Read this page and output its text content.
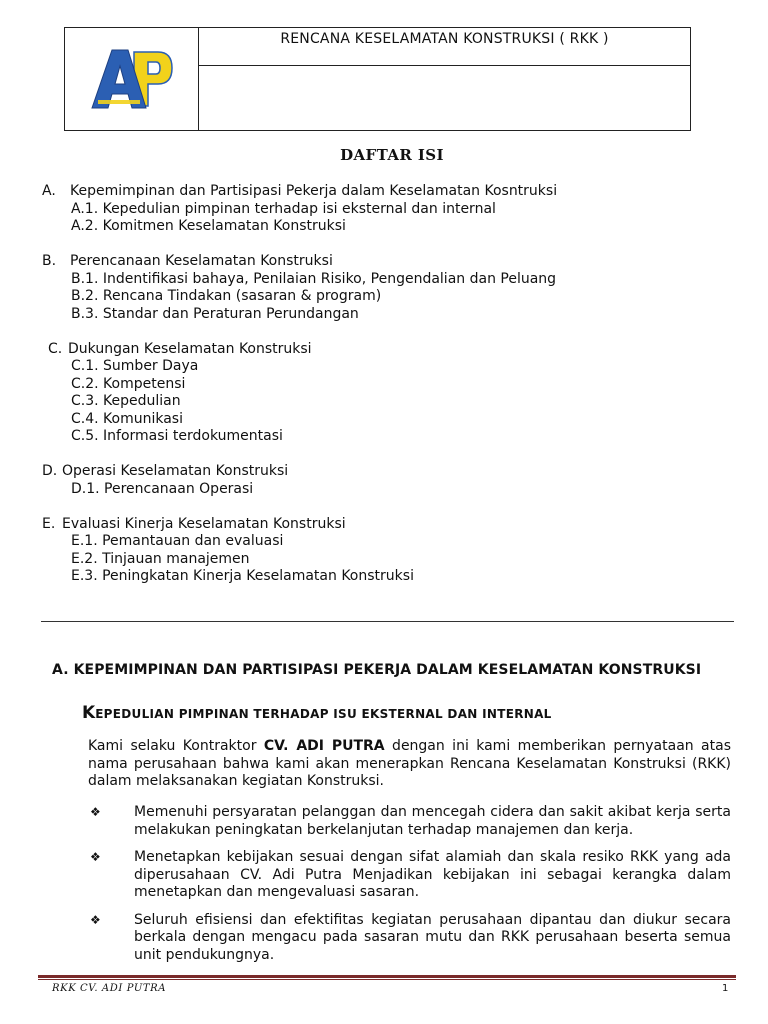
RENCANA KESELAMATAN KONSTRUKSI ( RKK )
DAFTAR ISI
A. Kepemimpinan dan Partisipasi Pekerja dalam Keselamatan Kosntruksi
A.1. Kepedulian pimpinan terhadap isi eksternal dan internal
A.2. Komitmen Keselamatan Konstruksi
B. Perencanaan Keselamatan Konstruksi
B.1. Indentifikasi bahaya, Penilaian Risiko, Pengendalian dan Peluang
B.2. Rencana Tindakan (sasaran & program)
B.3. Standar dan Peraturan Perundangan
C. Dukungan Keselamatan Konstruksi
C.1. Sumber Daya
C.2. Kompetensi
C.3. Kepedulian
C.4. Komunikasi
C.5. Informasi terdokumentasi
D. Operasi Keselamatan Konstruksi
D.1. Perencanaan Operasi
E. Evaluasi Kinerja Keselamatan Konstruksi
E.1. Pemantauan dan evaluasi
E.2. Tinjauan manajemen
E.3. Peningkatan Kinerja Keselamatan Konstruksi
A. KEPEMIMPINAN DAN PARTISIPASI PEKERJA DALAM KESELAMATAN KONSTRUKSI
KEPEDULIAN PIMPINAN TERHADAP ISU EKSTERNAL DAN INTERNAL
Kami selaku Kontraktor CV. ADI PUTRA dengan ini kami memberikan pernyataan atas nama perusahaan bahwa kami akan menerapkan Rencana Keselamatan Konstruksi (RKK) dalam melaksanakan kegiatan Konstruksi.
❖	Memenuhi persyaratan pelanggan dan mencegah cidera dan sakit akibat kerja serta melakukan peningkatan berkelanjutan terhadap manajemen dan kerja.
❖	Menetapkan kebijakan sesuai dengan sifat alamiah dan skala resiko RKK yang ada diperusahaan CV. Adi Putra Menjadikan kebijakan ini sebagai kerangka dalam menetapkan dan mengevaluasi sasaran.
❖	Seluruh efisiensi dan efektifitas kegiatan perusahaan dipantau dan diukur secara berkala dengan mengacu pada sasaran mutu dan RKK perusahaan beserta semua unit pendukungnya.
RKK CV. ADI PUTRA	1
